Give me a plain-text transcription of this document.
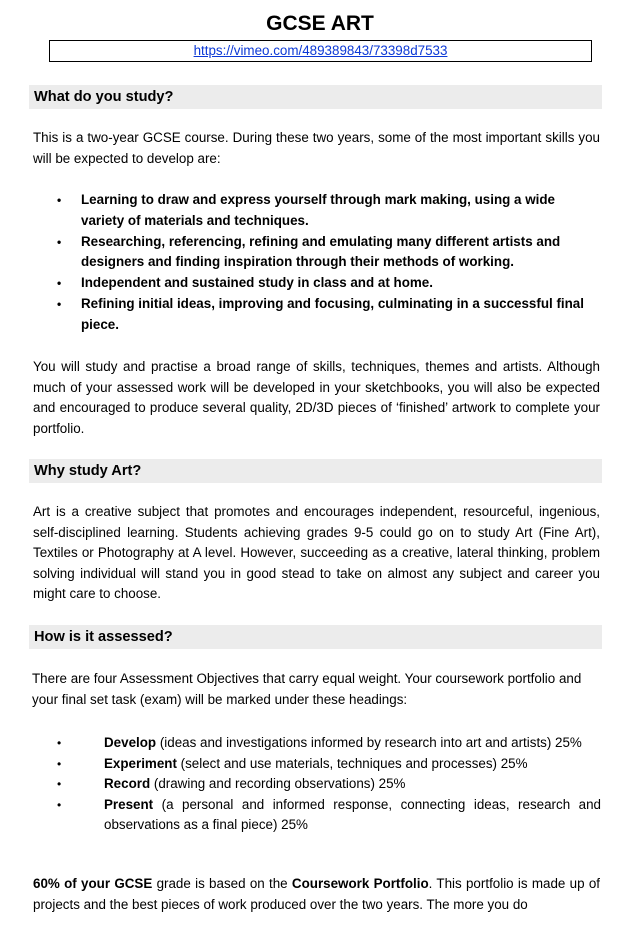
GCSE ART
https://vimeo.com/489389843/73398d7533
What do you study?

This is a two-year GCSE course. During these two years, some of the most important skills you will be expected to develop are:

• Learning to draw and express yourself through mark making, using a wide variety of materials and techniques.
• Researching, referencing, refining and emulating many different artists and designers and finding inspiration through their methods of working.
• Independent and sustained study in class and at home.
• Refining initial ideas, improving and focusing, culminating in a successful final piece.

You will study and practise a broad range of skills, techniques, themes and artists. Although much of your assessed work will be developed in your sketchbooks, you will also be expected and encouraged to produce several quality, 2D/3D pieces of ‘finished’ artwork to complete your portfolio.

Why study Art?

Art is a creative subject that promotes and encourages independent, resourceful, ingenious, self-disciplined learning. Students achieving grades 9-5 could go on to study Art (Fine Art), Textiles or Photography at A level. However, succeeding as a creative, lateral thinking, problem solving individual will stand you in good stead to take on almost any subject and career you might care to choose.

How is it assessed?

There are four Assessment Objectives that carry equal weight. Your coursework portfolio and your final set task (exam) will be marked under these headings:

•	Develop (ideas and investigations informed by research into art and artists) 25%
•	Experiment (select and use materials, techniques and processes) 25%
•	Record (drawing and recording observations) 25%
•	Present (a personal and informed response, connecting ideas, research and observations as a final piece) 25%

60% of your GCSE grade is based on the Coursework Portfolio. This portfolio is made up of projects and the best pieces of work produced over the two years. The more you do
